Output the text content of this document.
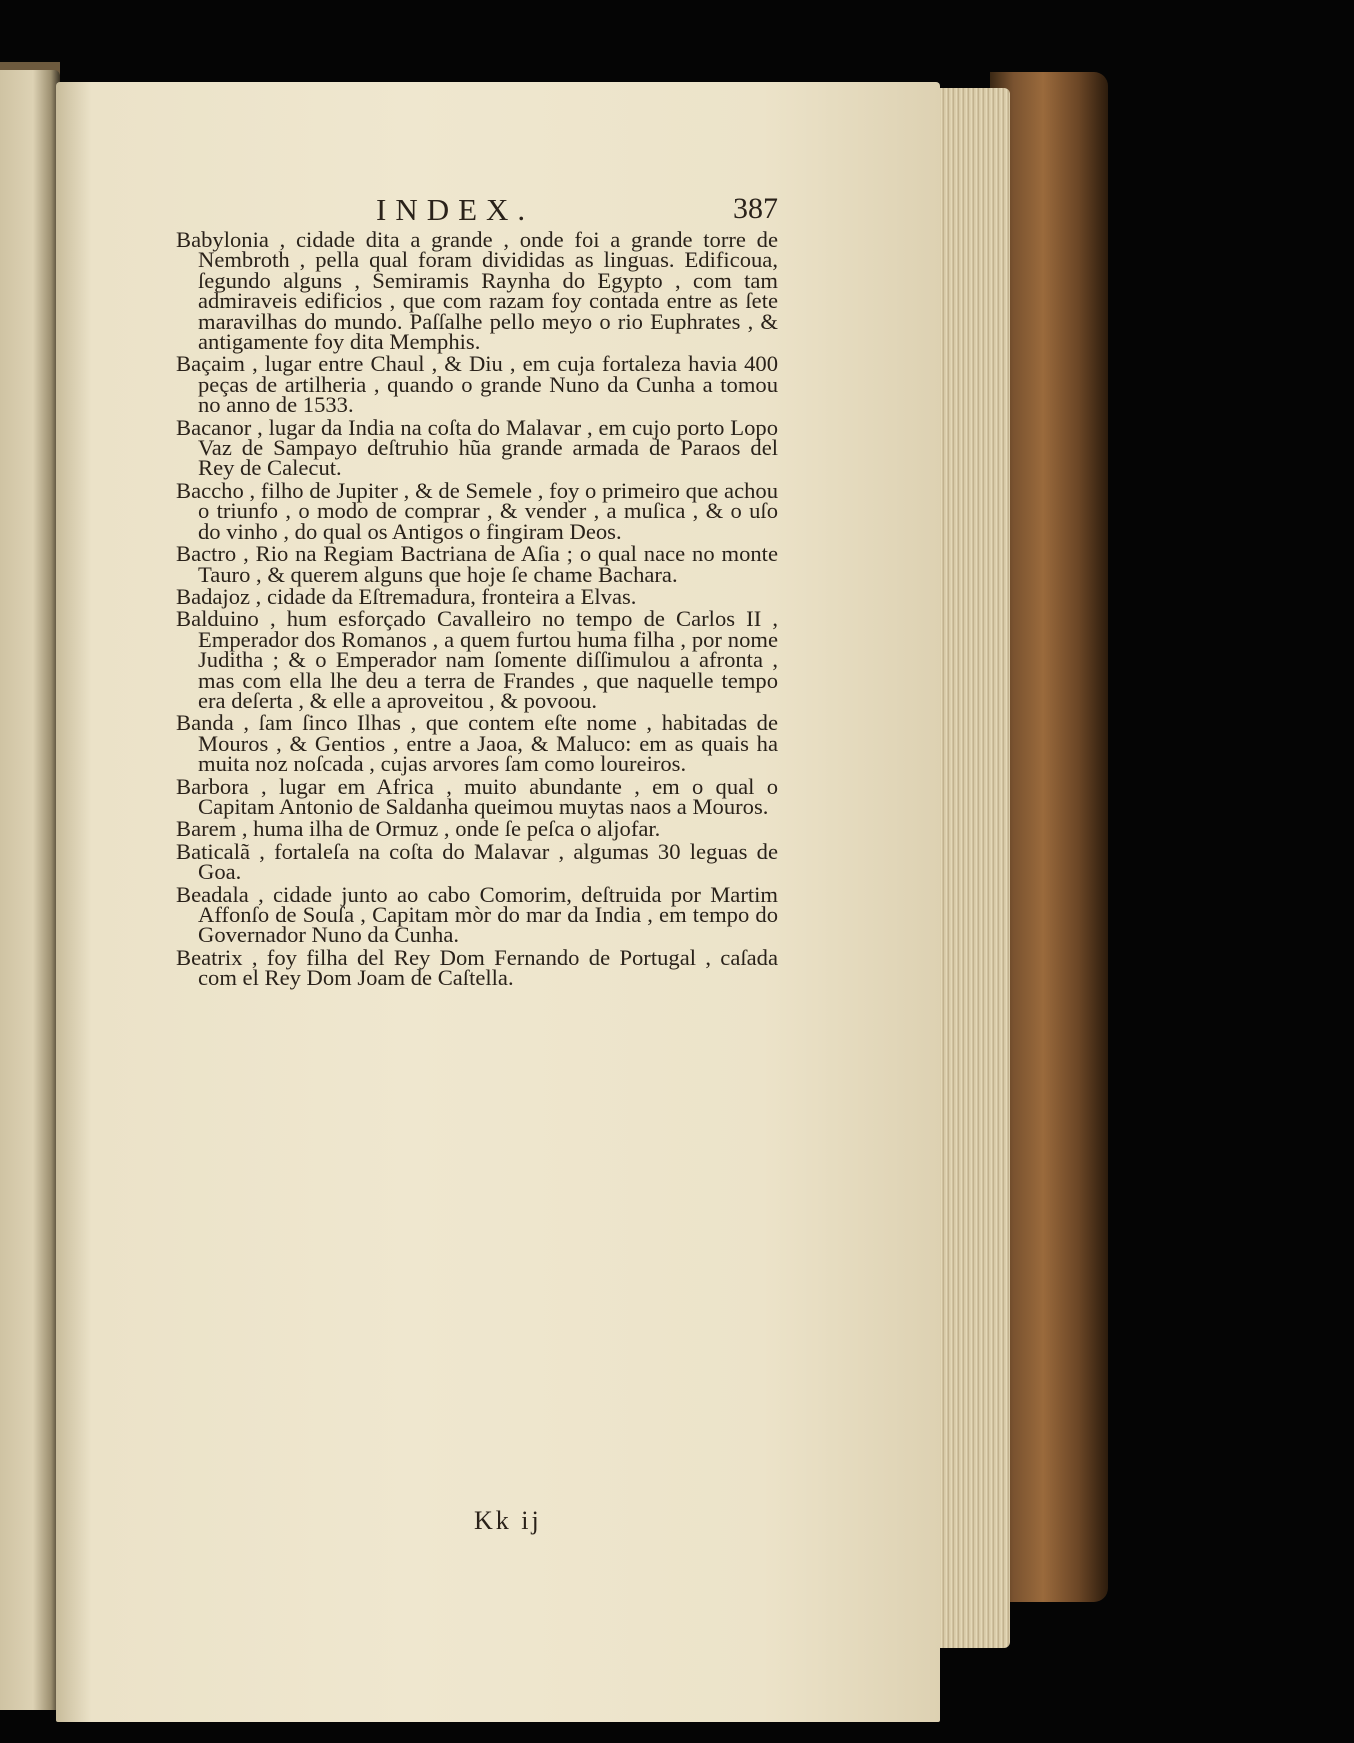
INDEX.	387

Babylonia , cidade dita a grande , onde foi a grande torre de Nembroth , pella qual foram divididas as linguas. Edificoua, ſegundo alguns , Semiramis Raynha do Egypto , com tam admiraveis edificios , que com razam foy contada entre as ſete maravilhas do mundo. Paſſalhe pello meyo o rio Euphrates , & antigamente foy dita Memphis.

Baçaim , lugar entre Chaul , & Diu , em cuja fortaleza havia 400 peças de artilheria , quando o grande Nuno da Cunha a tomou no anno de 1533.

Bacanor , lugar da India na coſta do Malavar , em cujo porto Lopo Vaz de Sampayo deſtruhio hũa grande armada de Paraos del Rey de Calecut.

Baccho , filho de Jupiter , & de Semele , foy o primeiro que achou o triunfo , o modo de comprar , & vender , a muſica , & o uſo do vinho , do qual os Antigos o fingiram Deos.

Bactro , Rio na Regiam Bactriana de Aſia ; o qual nace no monte Tauro , & querem alguns que hoje ſe chame Bachara.

Badajoz , cidade da Eſtremadura, fronteira a Elvas.

Balduino , hum esforçado Cavalleiro no tempo de Carlos II , Emperador dos Romanos , a quem furtou huma filha , por nome Juditha ; & o Emperador nam ſomente diſſimulou a afronta , mas com ella lhe deu a terra de Frandes , que naquelle tempo era deſerta , & elle a aproveitou , & povoou.

Banda , ſam ſinco Ilhas , que contem eſte nome , habitadas de Mouros , & Gentios , entre a Jaoa, & Maluco: em as quais ha muita noz noſcada , cujas arvores ſam como loureiros.

Barbora , lugar em Africa , muito abundante , em o qual o Capitam Antonio de Saldanha queimou muytas naos a Mouros.

Barem , huma ilha de Ormuz , onde ſe peſca o aljofar.

Baticalã , fortaleſa na coſta do Malavar , algumas 30 leguas de Goa.

Beadala , cidade junto ao cabo Comorim, deſtruida por Martim Affonſo de Souſa , Capitam mòr do mar da India , em tempo do Governador Nuno da Cunha.

Beatrix , foy filha del Rey Dom Fernando de Portugal , caſada com el Rey Dom Joam de Caſtella.

Kk ij
